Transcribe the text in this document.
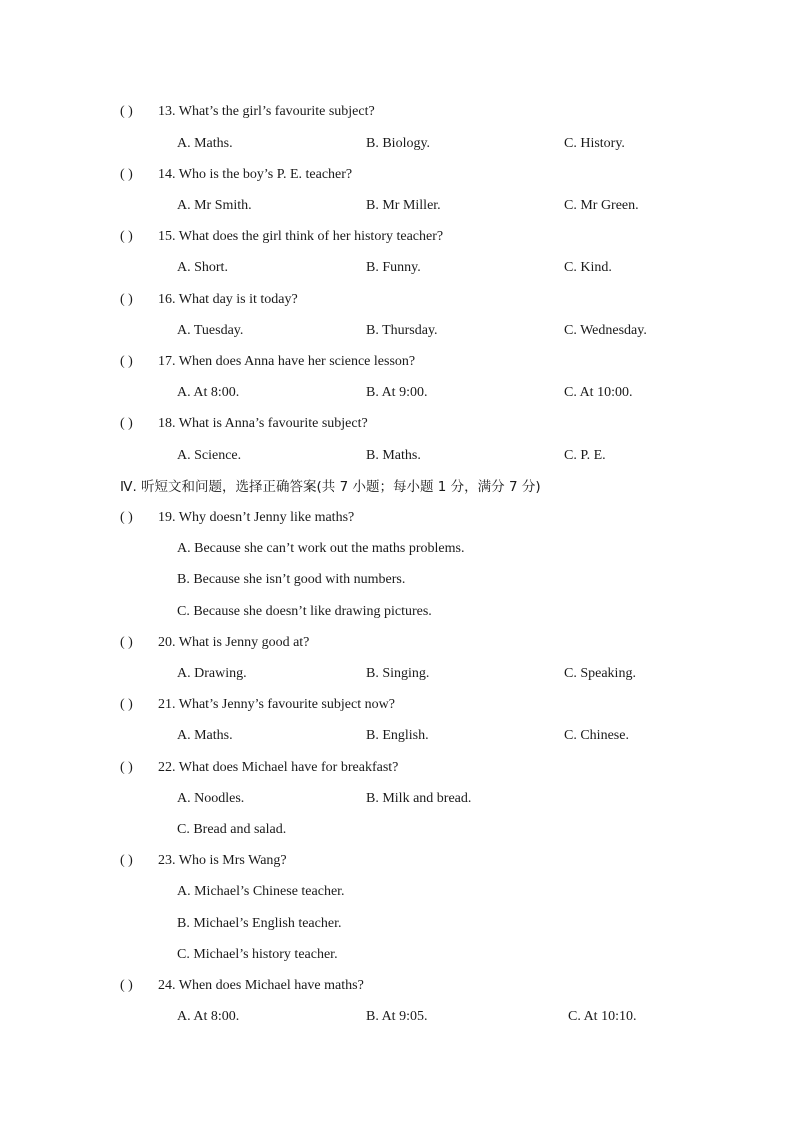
( ) 13. What’s the girl’s favourite subject?
A. Maths.	B. Biology.	C. History.
( ) 14. Who is the boy’s P. E. teacher?
A. Mr Smith.	B. Mr Miller.	C. Mr Green.
( ) 15. What does the girl think of her history teacher?
A. Short.	B. Funny.	C. Kind.
( ) 16. What day is it today?
A. Tuesday.	B. Thursday.	C. Wednesday.
( ) 17. When does Anna have her science lesson?
A. At 8:00.	B. At 9:00.	C. At 10:00.
( ) 18. What is Anna’s favourite subject?
A. Science.	B. Maths.	C. P. E.
Ⅳ. 听短文和问题，选择正确答案(共 7 小题；每小题 1 分，满分 7 分)
( ) 19. Why doesn’t Jenny like maths?
A. Because she can’t work out the maths problems.
B. Because she isn’t good with numbers.
C. Because she doesn’t like drawing pictures.
( ) 20. What is Jenny good at?
A. Drawing.	B. Singing.	C. Speaking.
( ) 21. What’s Jenny’s favourite subject now?
A. Maths.	B. English.	C. Chinese.
( ) 22. What does Michael have for breakfast?
A. Noodles.	B. Milk and bread.
C. Bread and salad.
( ) 23. Who is Mrs Wang?
A. Michael’s Chinese teacher.
B. Michael’s English teacher.
C. Michael’s history teacher.
( ) 24. When does Michael have maths?
A. At 8:00.	B. At 9:05.	C. At 10:10.
